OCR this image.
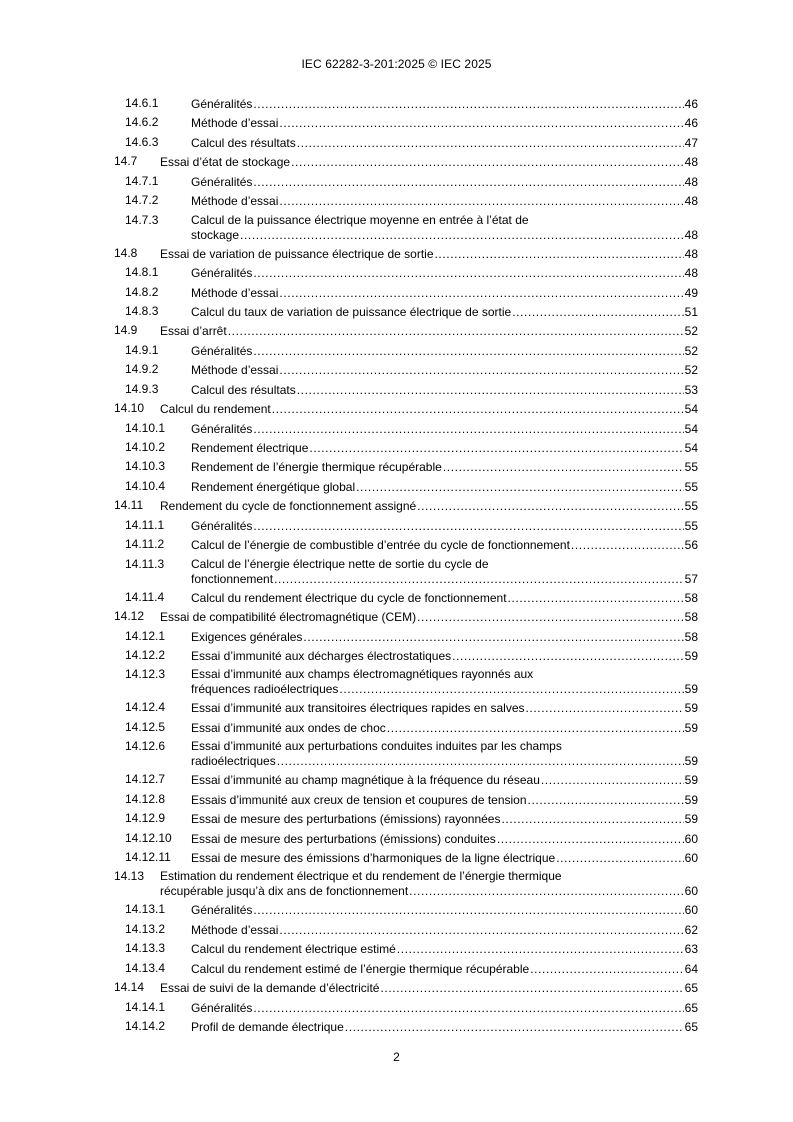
IEC 62282-3-201:2025 © IEC 2025
14.6.1	Généralités .....	46
14.6.2	Méthode d’essai .....	46
14.6.3	Calcul des résultats .....	47
14.7 Essai d’état de stockage .....	48
14.7.1	Généralités .....	48
14.7.2	Méthode d’essai .....	48
14.7.3	Calcul de la puissance électrique moyenne en entrée à l’état de
stockage .....	48
14.8 Essai de variation de puissance électrique de sortie .....	48
14.8.1	Généralités .....	48
14.8.2	Méthode d’essai .....	49
14.8.3	Calcul du taux de variation de puissance électrique de sortie .....	51
14.9 Essai d’arrêt .....	52
14.9.1	Généralités .....	52
14.9.2	Méthode d’essai .....	52
14.9.3	Calcul des résultats .....	53
14.10 Calcul du rendement .....	54
14.10.1 Généralités .....	54
14.10.2 Rendement électrique .....	54
14.10.3 Rendement de l’énergie thermique récupérable .....	55
14.10.4 Rendement énergétique global .....	55
14.11 Rendement du cycle de fonctionnement assigné .....	55
14.11.1 Généralités .....	55
14.11.2 Calcul de l’énergie de combustible d’entrée du cycle de fonctionnement .....	56
14.11.3 Calcul de l’énergie électrique nette de sortie du cycle de
fonctionnement .....	57
14.11.4 Calcul du rendement électrique du cycle de fonctionnement .....	58
14.12 Essai de compatibilité électromagnétique (CEM) .....	58
14.12.1 Exigences générales .....	58
14.12.2 Essai d’immunité aux décharges électrostatiques .....	59
14.12.3 Essai d’immunité aux champs électromagnétiques rayonnés aux
fréquences radioélectriques .....	59
14.12.4 Essai d’immunité aux transitoires électriques rapides en salves .....	59
14.12.5 Essai d’immunité aux ondes de choc .....	59
14.12.6 Essai d’immunité aux perturbations conduites induites par les champs
radioélectriques .....	59
14.12.7 Essai d’immunité au champ magnétique à la fréquence du réseau .....	59
14.12.8 Essais d’immunité aux creux de tension et coupures de tension .....	59
14.12.9 Essai de mesure des perturbations (émissions) rayonnées .....	59
14.12.10 Essai de mesure des perturbations (émissions) conduites .....	60
14.12.11 Essai de mesure des émissions d’harmoniques de la ligne électrique .....	60
14.13 Estimation du rendement électrique et du rendement de l’énergie thermique
récupérable jusqu’à dix ans de fonctionnement .....	60
14.13.1 Généralités .....	60
14.13.2 Méthode d’essai .....	62
14.13.3 Calcul du rendement électrique estimé .....	63
14.13.4 Calcul du rendement estimé de l’énergie thermique récupérable .....	64
14.14 Essai de suivi de la demande d’électricité .....	65
14.14.1 Généralités .....	65
14.14.2 Profil de demande électrique .....	65
2
